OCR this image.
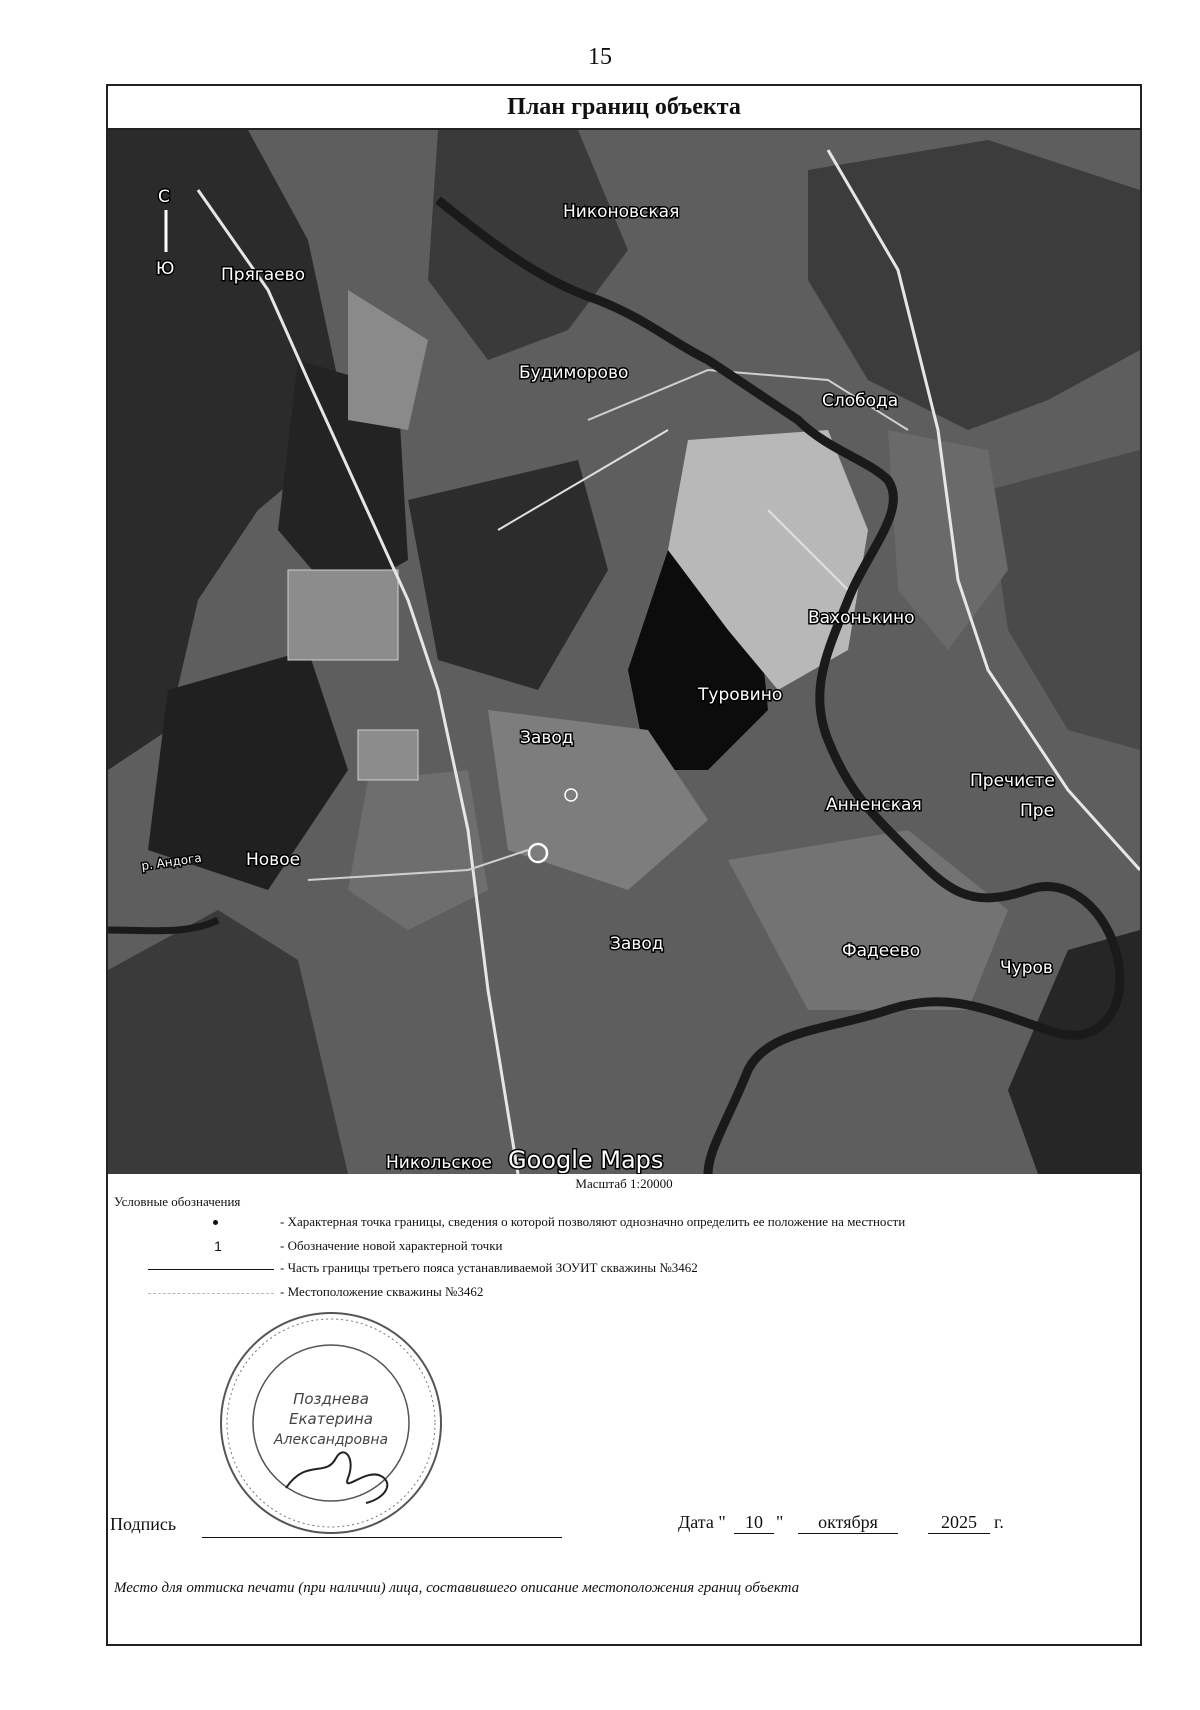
15
План границ объекта
С
Ю
Никоновская
Прягаево
Будиморово
Слобода
Вахонькино
Туровино
Завод
Пречисте
Пре
Анненская
р. Андога	Новое
Завод	Фадеево
Чуров
Никольское Google Maps
Масштаб 1:20000
Условные обозначения
- Характерная точка границы, сведения о которой позволяют однозначно определить ее положение на местности
1	- Обозначение новой характерной точки
- Часть границы третьего пояса устанавливаемой ЗОУИТ скважины №3462
- Местоположение скважины №3462
Позднева
Екатерина
Александровна
Подпись	Дата "	10 "	октября	2025 г.
Место для оттиска печати (при наличии) лица, составившего описание местоположения границ объекта
